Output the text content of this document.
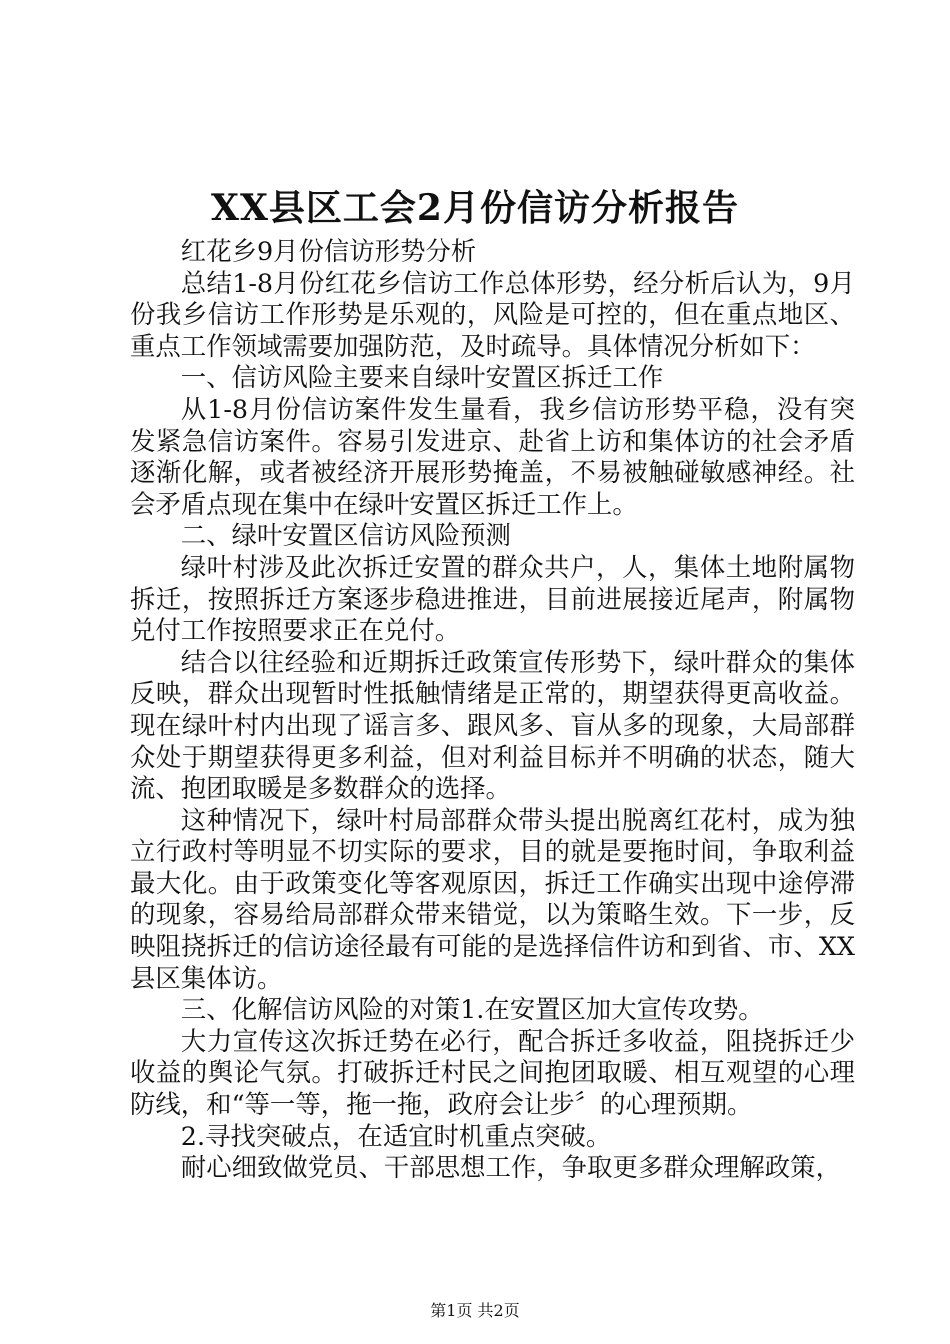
XX县区工会2月份信访分析报告

红花乡9月份信访形势分析

总结1-8月份红花乡信访工作总体形势，经分析后认为，9月份我乡信访工作形势是乐观的，风险是可控的，但在重点地区、重点工作领域需要加强防范，及时疏导。具体情况分析如下：

一、信访风险主要来自绿叶安置区拆迁工作

从1-8月份信访案件发生量看，我乡信访形势平稳，没有突发紧急信访案件。容易引发进京、赴省上访和集体访的社会矛盾逐渐化解，或者被经济开展形势掩盖，不易被触碰敏感神经。社会矛盾点现在集中在绿叶安置区拆迁工作上。

二、绿叶安置区信访风险预测

绿叶村涉及此次拆迁安置的群众共户，人，集体土地附属物拆迁，按照拆迁方案逐步稳进推进，目前进展接近尾声，附属物兑付工作按照要求正在兑付。

结合以往经验和近期拆迁政策宣传形势下，绿叶群众的集体反映，群众出现暂时性抵触情绪是正常的，期望获得更高收益。现在绿叶村内出现了谣言多、跟风多、盲从多的现象，大局部群众处于期望获得更多利益，但对利益目标并不明确的状态，随大流、抱团取暖是多数群众的选择。

这种情况下，绿叶村局部群众带头提出脱离红花村，成为独立行政村等明显不切实际的要求，目的就是要拖时间，争取利益最大化。由于政策变化等客观原因，拆迁工作确实出现中途停滞的现象，容易给局部群众带来错觉，以为策略生效。下一步，反映阻挠拆迁的信访途径最有可能的是选择信件访和到省、市、XX县区集体访。

三、化解信访风险的对策1.在安置区加大宣传攻势。

大力宣传这次拆迁势在必行，配合拆迁多收益，阻挠拆迁少收益的舆论气氛。打破拆迁村民之间抱团取暖、相互观望的心理防线，和“等一等，拖一拖，政府会让步〞的心理预期。

2.寻找突破点，在适宜时机重点突破。

耐心细致做党员、干部思想工作，争取更多群众理解政策，

第1页 共2页
